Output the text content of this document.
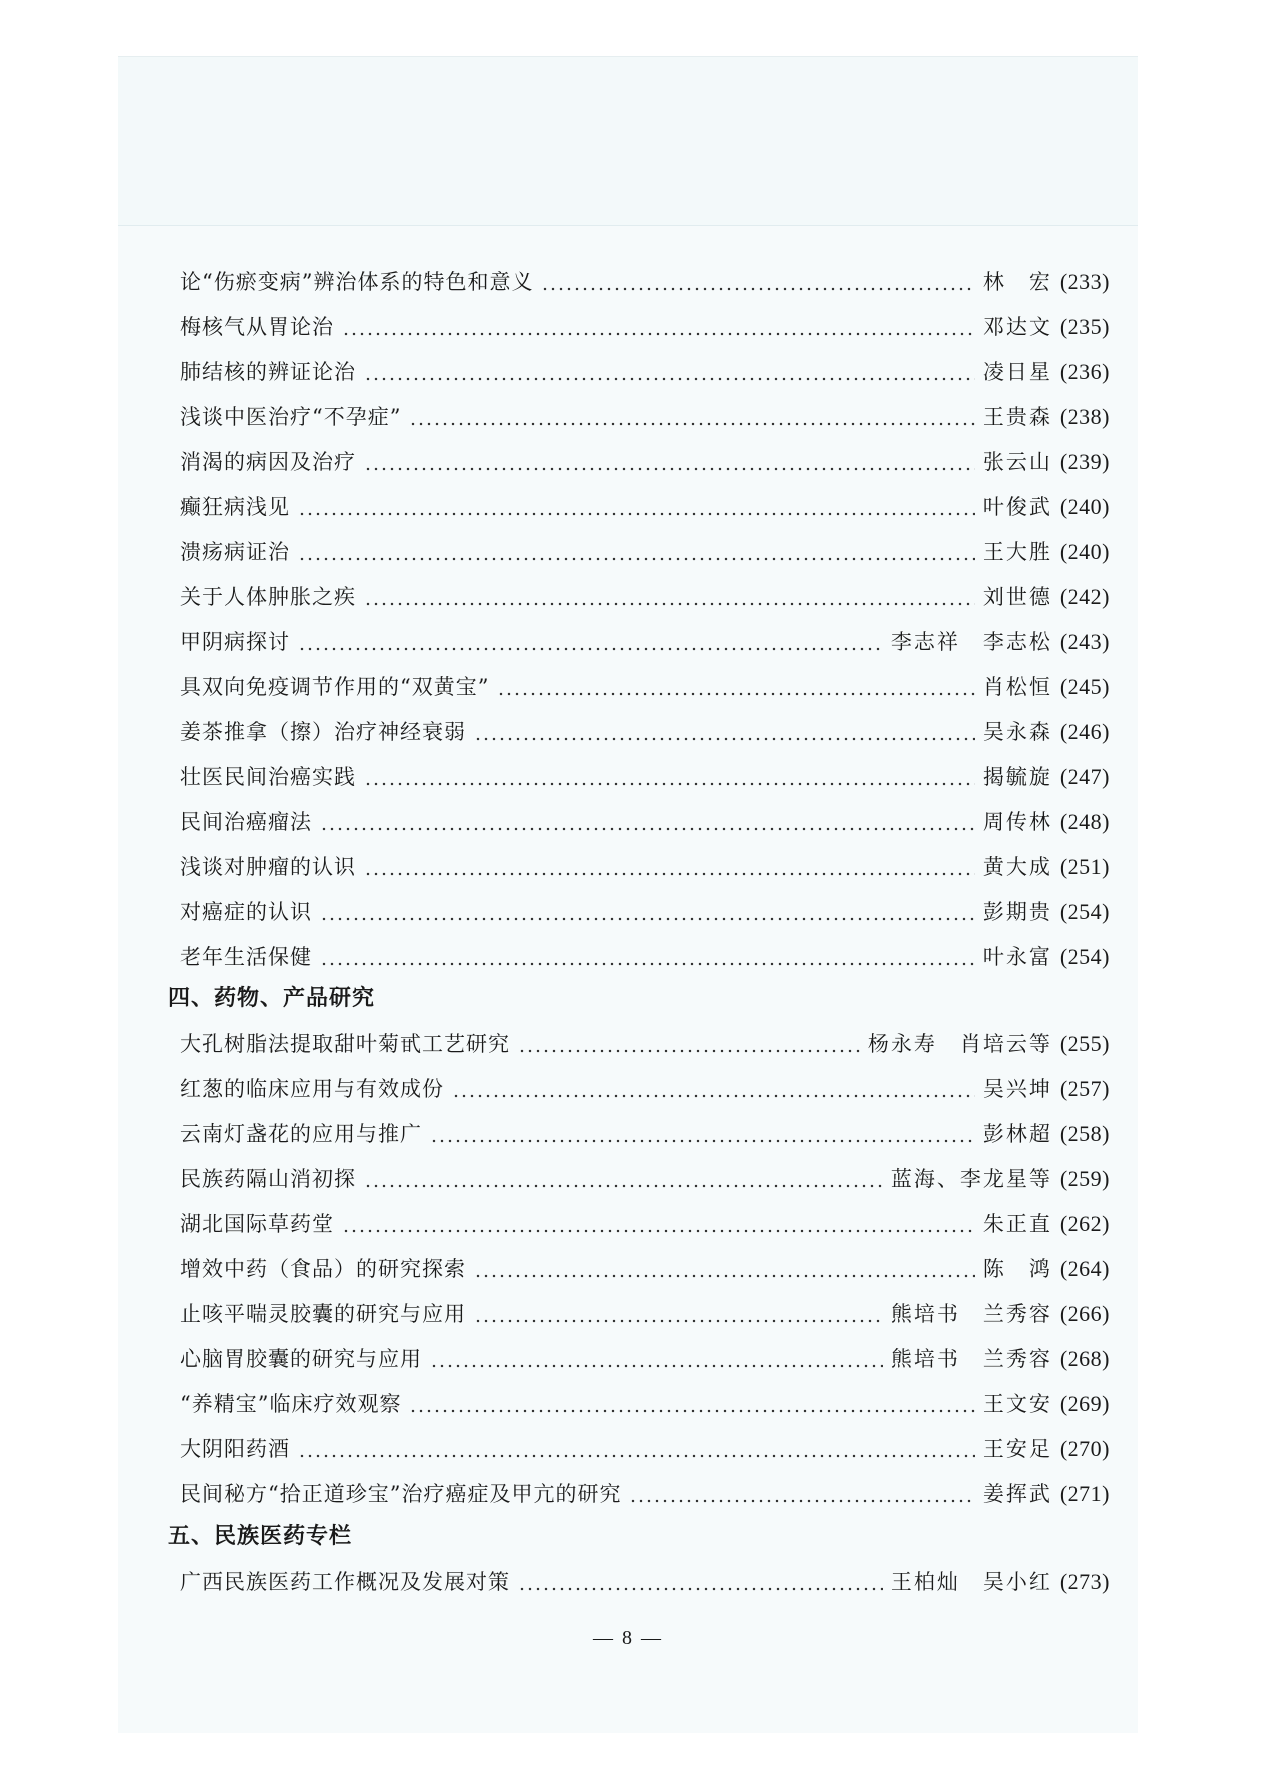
论“伤瘀变病”辨治体系的特色和意义	林　宏 (233)
梅核气从胃论治	邓达文 (235)
肺结核的辨证论治	凌日星 (236)
浅谈中医治疗“不孕症”	王贵森 (238)
消渴的病因及治疗	张云山 (239)
癫狂病浅见	叶俊武 (240)
溃疡病证治	王大胜 (240)
关于人体肿胀之疾	刘世德 (242)
甲阴病探讨	李志祥　李志松 (243)
具双向免疫调节作用的“双黄宝”	肖松恒 (245)
姜茶推拿（擦）治疗神经衰弱	吴永森 (246)
壮医民间治癌实践	揭毓旋 (247)
民间治癌瘤法	周传林 (248)
浅谈对肿瘤的认识	黄大成 (251)
对癌症的认识	彭期贵 (254)
老年生活保健	叶永富 (254)
四、药物、产品研究
大孔树脂法提取甜叶菊甙工艺研究	杨永寿　肖培云等 (255)
红葱的临床应用与有效成份	吴兴坤 (257)
云南灯盏花的应用与推广	彭林超 (258)
民族药隔山消初探	蓝海、李龙星等 (259)
湖北国际草药堂	朱正直 (262)
增效中药（食品）的研究探索	陈　鸿 (264)
止咳平喘灵胶囊的研究与应用	熊培书　兰秀容 (266)
心脑胃胶囊的研究与应用	熊培书　兰秀容 (268)
“养精宝”临床疗效观察	王文安 (269)
大阴阳药酒	王安足 (270)
民间秘方“拾正道珍宝”治疗癌症及甲亢的研究	姜挥武 (271)
五、民族医药专栏
广西民族医药工作概况及发展对策	王柏灿　吴小红 (273)
— 8 —
